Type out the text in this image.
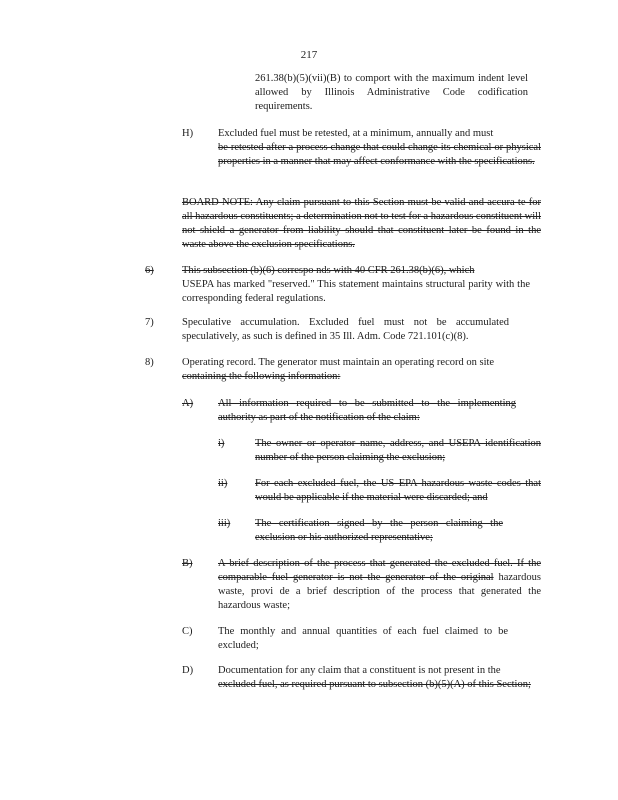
217
261.38(b)(5)(vii)(B) to comport with the maximum indent level allowed by Illinois Administrative Code codification requirements.
H) Excluded fuel must be retested, at a minimum, annually and must
be retested after a process change that could change its chemical or physical properties in a manner that may affect conformance with the specifications.
BOARD NOTE: Any claim pursuant to this Section must be valid and accura te for all hazardous constituents; a determination not to test for a hazardous constituent will not shield a generator from liability should that constituent later be found in the waste above the exclusion specifications.
6)	This subsection (b)(6) correspo nds with 40 CFR 261.38(b)(6), which
USEPA has marked "reserved." This statement maintains structural parity with the corresponding federal regulations.
7)	Speculative accumulation. Excluded fuel must not be accumulated speculatively, as such is defined in 35 Ill. Adm. Code 721.101(c)(8).
8)	Operating record. The generator must maintain an operating record on site
containing the following information:
A) All information required to be submitted to the implementing authority as part of the notification of the claim:
i)	The owner or operator name, address, and USEPA identification number of the person claiming the exclusion;
ii)	For each excluded fuel, the US EPA hazardous waste codes that would be applicable if the material were discarded; and
iii) The certification signed by the person claiming the exclusion or his authorized representative;
B) A brief description of the process that generated the excluded fuel. If the comparable fuel generator is not the generator of the original hazardous waste, provi de a brief description of the process that generated the hazardous waste;
C) The monthly and annual quantities of each fuel claimed to be excluded;
D) Documentation for any claim that a constituent is not present in the
excluded fuel, as required pursuant to subsection (b)(5)(A) of this Section;
